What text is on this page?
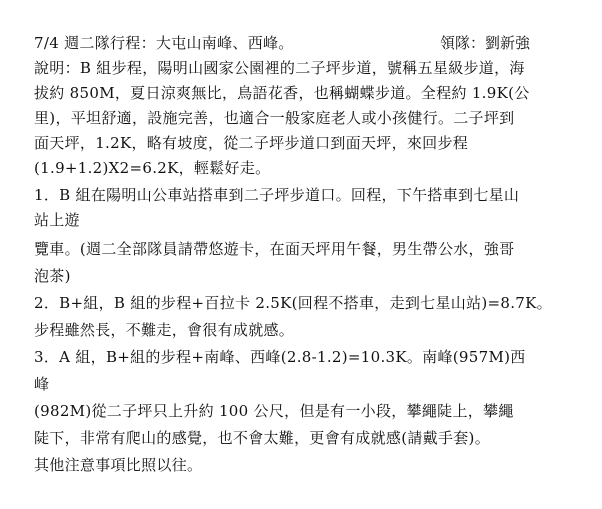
7/4 週二隊行程：大屯山南峰、西峰。	領隊：劉新強
說明：B 組步程，陽明山國家公園裡的二子坪步道，號稱五星級步道，海
拔約 850M，夏日涼爽無比，鳥語花香，也稱蝴蝶步道。全程約 1.9K(公
里)，平坦舒適，設施完善，也適合一般家庭老人或小孩健行。二子坪到
面天坪，1.2K，略有坡度，從二子坪步道口到面天坪，來回步程
(1.9+1.2)X2=6.2K，輕鬆好走。
1．B 組在陽明山公車站搭車到二子坪步道口。回程，下午搭車到七星山
站上遊
覽車。(週二全部隊員請帶悠遊卡，在面天坪用午餐，男生帶公水，強哥
泡茶)
2．B+組，B 組的步程+百拉卡 2.5K(回程不搭車，走到七星山站)=8.7K。
步程雖然長，不難走，會很有成就感。
3．A 組，B+組的步程+南峰、西峰(2.8-1.2)=10.3K。南峰(957M)西
峰
(982M)從二子坪只上升約 100 公尺，但是有一小段，攀繩陡上，攀繩
陡下，非常有爬山的感覺，也不會太難，更會有成就感(請戴手套)。
其他注意事項比照以往。
